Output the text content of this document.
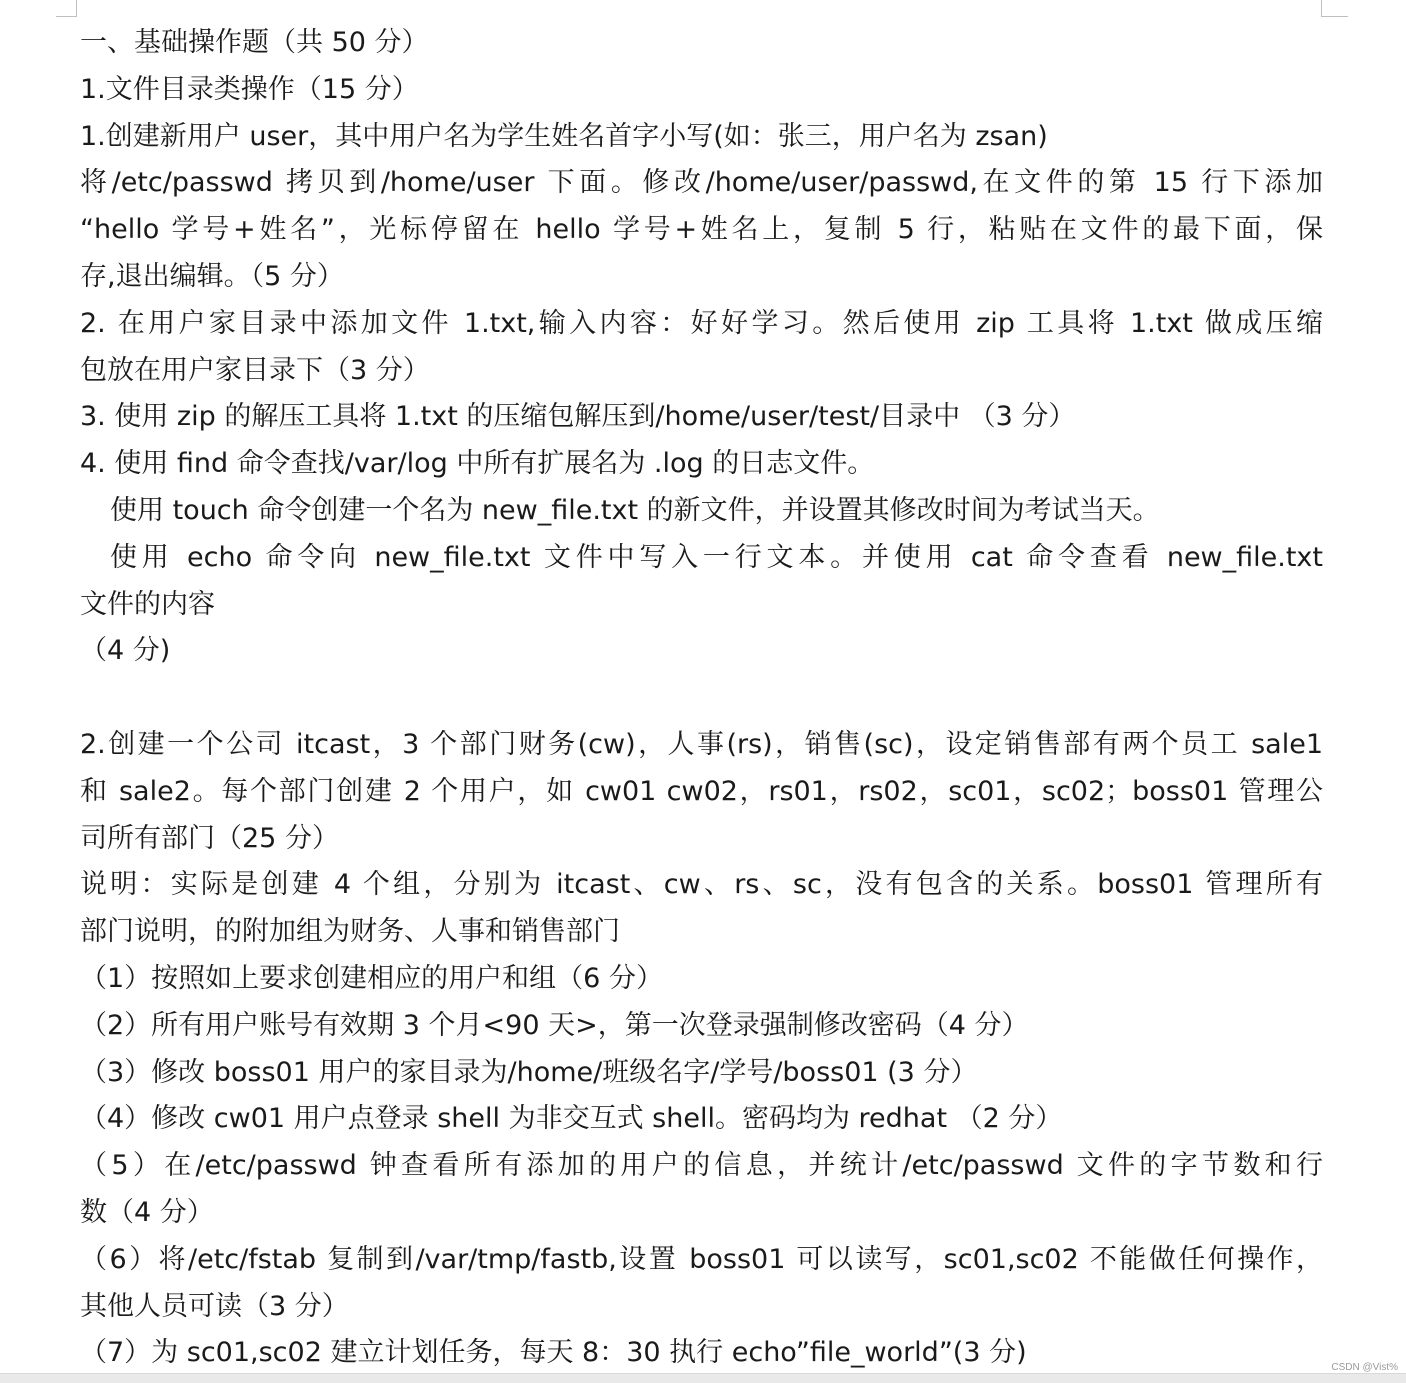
一、基础操作题（共 50 分）
1.文件目录类操作（15 分）
1.创建新用户 user，其中用户名为学生姓名首字小写(如：张三，用户名为 zsan)
将/etc/passwd 拷贝到/home/user 下面。修改/home/user/passwd,在文件的第 15 行下添加
“hello 学号+姓名”，光标停留在 hello 学号+姓名上，复制 5 行，粘贴在文件的最下面，保
存,退出编辑。（5 分）
2. 在用户家目录中添加文件 1.txt,输入内容：好好学习。然后使用 zip 工具将 1.txt 做成压缩
包放在用户家目录下（3 分）
3. 使用 zip 的解压工具将 1.txt 的压缩包解压到/home/user/test/目录中 （3 分）
4. 使用 find 命令查找/var/log 中所有扩展名为 .log 的日志文件。
使用 touch 命令创建一个名为 new_file.txt 的新文件，并设置其修改时间为考试当天。
使用 echo 命令向 new_file.txt 文件中写入一行文本。并使用 cat 命令查看 new_file.txt
文件的内容
（4 分)
2.创建一个公司 itcast，3 个部门财务(cw)，人事(rs)，销售(sc)，设定销售部有两个员工 sale1
和 sale2。每个部门创建 2 个用户，如 cw01 cw02，rs01，rs02，sc01，sc02；boss01 管理公
司所有部门（25 分）
说明：实际是创建 4 个组，分别为 itcast、cw、rs、sc，没有包含的关系。boss01 管理所有
部门说明，的附加组为财务、人事和销售部门
（1）按照如上要求创建相应的用户和组（6 分）
（2）所有用户账号有效期 3 个月<90 天>，第一次登录强制修改密码（4 分）
（3）修改 boss01 用户的家目录为/home/班级名字/学号/boss01 (3 分）
（4）修改 cw01 用户点登录 shell 为非交互式 shell。密码均为 redhat （2 分）
（5）在/etc/passwd 钟查看所有添加的用户的信息，并统计/etc/passwd 文件的字节数和行
数（4 分）
（6）将/etc/fstab 复制到/var/tmp/fastb,设置 boss01 可以读写，sc01,sc02 不能做任何操作，
其他人员可读（3 分）
（7）为 sc01,sc02 建立计划任务，每天 8：30 执行 echo”file_world”(3 分)	CSDN @Vist%
